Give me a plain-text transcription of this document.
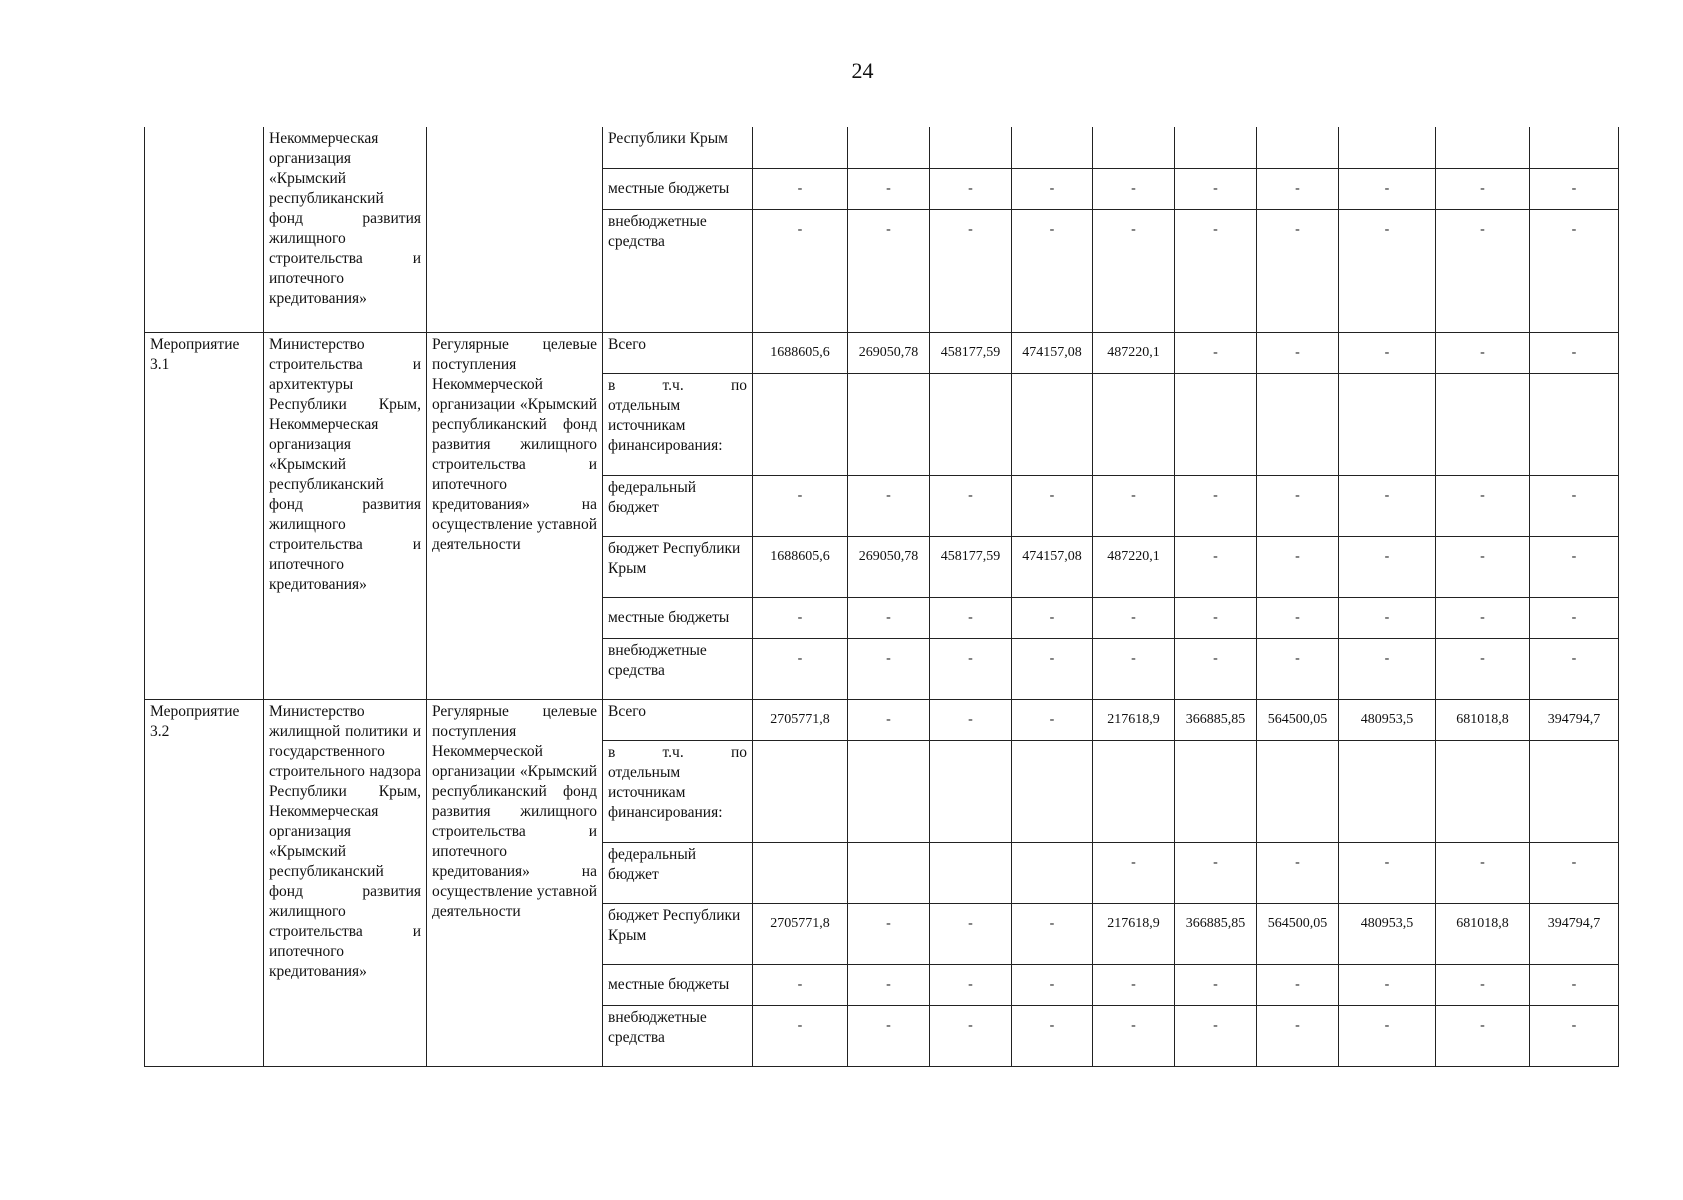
24
	Некоммерческая организация «Крымский республиканский фонд развития жилищного строительства и ипотечного кредитования»		Республики Крым										
			местные бюджеты	-	-	-	-	-	-	-	-	-	-
			внебюджетные средства	-	-	-	-	-	-	-	-	-	-
Мероприятие 3.1	Министерство строительства и архитектуры Республики Крым, Некоммерческая организация «Крымский республиканский фонд развития жилищного строительства и ипотечного кредитования»	Регулярные целевые поступления Некоммерческой организации «Крымский республиканский фонд развития жилищного строительства и ипотечного кредитования» на осуществление уставной деятельности	Всего	1688605,6	269050,78	458177,59	474157,08	487220,1	-	-	-	-	-

			в т.ч. по
отдельным источникам финансирования:										

			федеральный бюджет	-	-	-	-	-	-	-	-	-	-
			бюджет Республики Крым	1688605,6	269050,78	458177,59	474157,08	487220,1	-	-	-	-	-
			местные бюджеты	-	-	-	-	-	-	-	-	-	-
			внебюджетные средства	-	-	-	-	-	-	-	-	-	-
Мероприятие 3.2	Министерство жилищной политики и государственного строительного надзора Республики Крым, Некоммерческая организация «Крымский республиканский фонд развития жилищного строительства и ипотечного кредитования»	Регулярные целевые поступления Некоммерческой организации «Крымский республиканский фонд развития жилищного строительства и ипотечного кредитования» на осуществление уставной деятельности	Всего	2705771,8	-	-	-	217618,9	366885,85	564500,05	480953,5	681018,8	394794,7

			в т.ч. по
отдельным источникам финансирования:										

			федеральный бюджет					-	-	-	-	-	-
			бюджет Республики Крым	2705771,8	-	-	-	217618,9	366885,85	564500,05	480953,5	681018,8	394794,7
			местные бюджеты	-	-	-	-	-	-	-	-	-	-
			внебюджетные средства	-	-	-	-	-	-	-	-	-	-
